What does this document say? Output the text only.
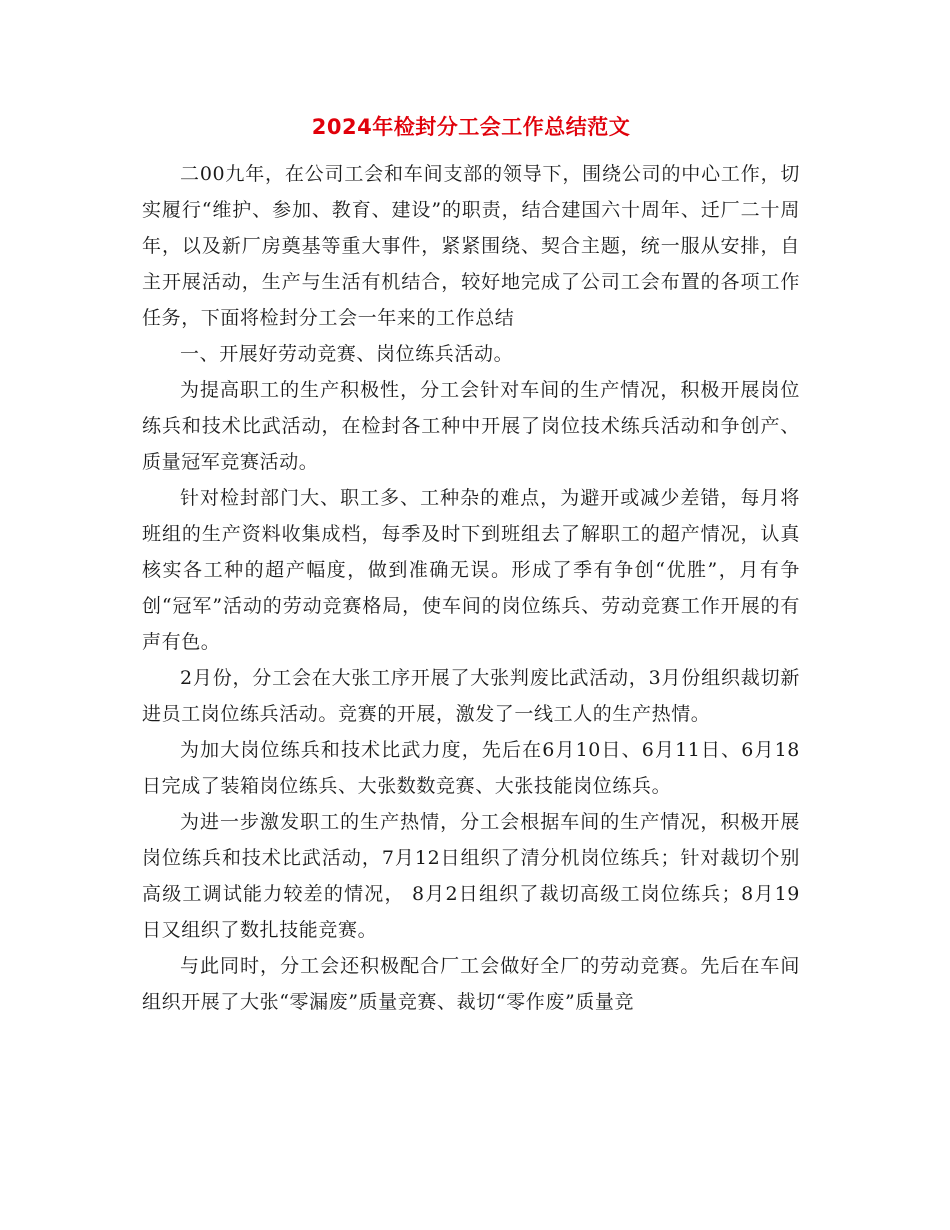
2024年检封分工会工作总结范文

二00九年，在公司工会和车间支部的领导下，围绕公司的中心工作，切实履行“维护、参加、教育、建设”的职责，结合建国六十周年、迁厂二十周年，以及新厂房奠基等重大事件，紧紧围绕、契合主题，统一服从安排，自主开展活动，生产与生活有机结合，较好地完成了公司工会布置的各项工作任务，下面将检封分工会一年来的工作总结

一、开展好劳动竞赛、岗位练兵活动。

为提高职工的生产积极性，分工会针对车间的生产情况，积极开展岗位练兵和技术比武活动，在检封各工种中开展了岗位技术练兵活动和争创产、质量冠军竞赛活动。

针对检封部门大、职工多、工种杂的难点，为避开或减少差错，每月将班组的生产资料收集成档，每季及时下到班组去了解职工的超产情况，认真核实各工种的超产幅度，做到准确无误。形成了季有争创“优胜”，月有争创“冠军”活动的劳动竞赛格局，使车间的岗位练兵、劳动竞赛工作开展的有声有色。

2月份，分工会在大张工序开展了大张判废比武活动，3月份组织裁切新进员工岗位练兵活动。竞赛的开展，激发了一线工人的生产热情。

为加大岗位练兵和技术比武力度，先后在6月10日、6月11日、6月18日完成了装箱岗位练兵、大张数数竞赛、大张技能岗位练兵。

为进一步激发职工的生产热情，分工会根据车间的生产情况，积极开展岗位练兵和技术比武活动，7月12日组织了清分机岗位练兵；针对裁切个别高级工调试能力较差的情况， 8月2日组织了裁切高级工岗位练兵；8月19日又组织了数扎技能竞赛。

与此同时，分工会还积极配合厂工会做好全厂的劳动竞赛。先后在车间组织开展了大张“零漏废”质量竞赛、裁切“零作废”质量竞
